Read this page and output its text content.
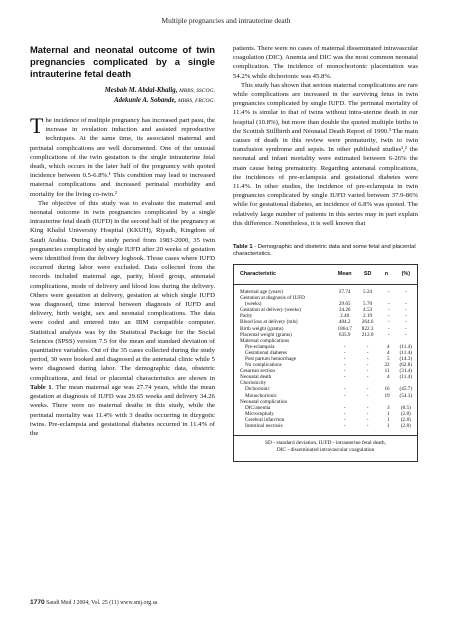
Multiple pregnancies and intrauterine death
Maternal and neonatal outcome of twin pregnancies complicated by a single intrauterine fetal death
Mesbah M. Abdal-Khalig, MBBS, SSCOG,
Adekunle A. Sobande, MBBS, FRCOG.

The incidence of multiple pregnancy has increased part pasu, the increase in ovulation induction and assisted reproductive techniques. At the same time, its associated maternal and perinatal complications are well documented. One of the unusual complications of the twin gestation is the single intrauterine fetal death, which occurs in the later half of the pregnancy with quoted incidence between 0.5-6.8%.¹ This condition may lead to increased maternal complications and increased perinatal morbidity and mortality for the living co-twin.²

The objective of this study was to evaluate the maternal and neonatal outcome in twin pregnancies complicated by a single intrauterine fetal death (IUFD) in the second half of the pregnancy at King Khalid University Hospital (KKUH), Riyadh, Kingdom of Saudi Arabia. During the study period from 1983-2000, 35 twin pregnancies complicated by single IUFD after 20 weeks of gestation were identified from the delivery logbook. Those cases where IUFD occurred during labor were excluded. Data collected from the records included maternal age, parity, blood group, antenatal complications, mode of delivery and blood loss during the delivery. Others were gestation at delivery, gestation at which single IUFD was diagnosed, time interval between diagnosis of IUFD and delivery, birth weight, sex and neonatal complications. The data were coded and entered into an IBM compatible computer. Statistical analysis was by the Statistical Package for the Social Sciences (SPSS) version 7.5 for the mean and standard deviation of quantitative variables. Out of the 35 cases collected during the study period, 30 were booked and diagnosed at the antenatal clinic while 5 were diagnosed during labor. The demographic data, obstetric complications, and fetal or placental characteristics are shown in Table 1. The mean maternal age was 27.74 years, while the mean gestation at diagnosis of IUFD was 29.65 weeks and delivery 34.26 weeks. There were no maternal deaths in this study, while the perinatal mortality was 11.4% with 3 deaths occurring in dizygotic twins. Pre-eclampsia and gestational diabetes occurred in 11.4% of the

patients. There were no cases of maternal disseminated intravascular coagulation (DIC). Anemia and DIC was the most common neonatal complication. The incidence of monochorionic placentation was 54.2% while dichorionic was 45.8%.

This study has shown that serious maternal complications are rare while complications are increased in the surviving fetus in twin pregnancies complicated by single IUFD. The perinatal mortality of 11.4% is similar to that of twins without intra-uterine death in our hospital (10.8%), but more than double the quoted multiple births in the Scottish Stillbirth and Neonatal Death Report of 1990.³ The main causes of death in this review were prematurity, twin to twin transfusion syndrome and sepsis. In other published studies¹,² the neonatal and infant mortality were estimated between 6-26% the main cause being prematurity. Regarding antenatal complications, the incidences of pre-eclampsia and gestational diabetes were 11.4%. In other studies, the incidence of pre-eclampsia in twin pregnancies complicated by single IUFD varied between 37.9-86% while for gestational diabetes, an incidence of 6.8% was quoted. The relatively large number of patients in this series may in part explain this difference. Nonetheless, it is well known that

Table 1 - Demographic and obstetric data and some fetal and placental characteristics.
Characteristic	Mean	SD	n	(%)
Maternal age (years)	27.74	5.24	-	-
Gestation at diagnosis of IUFD				
(weeks)	29.65	5.70	-	-
Gestation at delivery (weeks)	34.26	4.53	-	-
Parity	2.46	2.19	-	-
Blood loss at delivery (mls)	404.2	264.6	-	-
Birth weight (grams)	1864.7	822.3	-	-
Placental weight (grams)	635.9	212.0	-	-
Maternal complications				
Pre-eclampsia	-	-	4	(11.4)
Gestational diabetes	-	-	4	(11.4)
Post partum hemorrhage	-	-	5	(14.3)
No complications	-	-	22	(62.8)
Cesarean section	-	-	11	(31.4)
Neonatal death	-	-	4	(11.4)
Chorionicity				
Dichorionic	-	-	16	(45.7)
Monochorionic	-	-	19	(54.3)
Neonatal complication				
DIC/anemia	-	-	3	(8.5)
Microcephaly	-	-	1	(2.8)
Cerebral infarction	-	-	1	(2.8)
Intestinal necrosis	-	-	1	(2.8)
SD - standard deviation, IUFD - intrauterine fetal death,
DIC - disseminated intravascular coagulation
1770 Saudi Med J 2004; Vol. 25 (11) www.smj.org.sa
